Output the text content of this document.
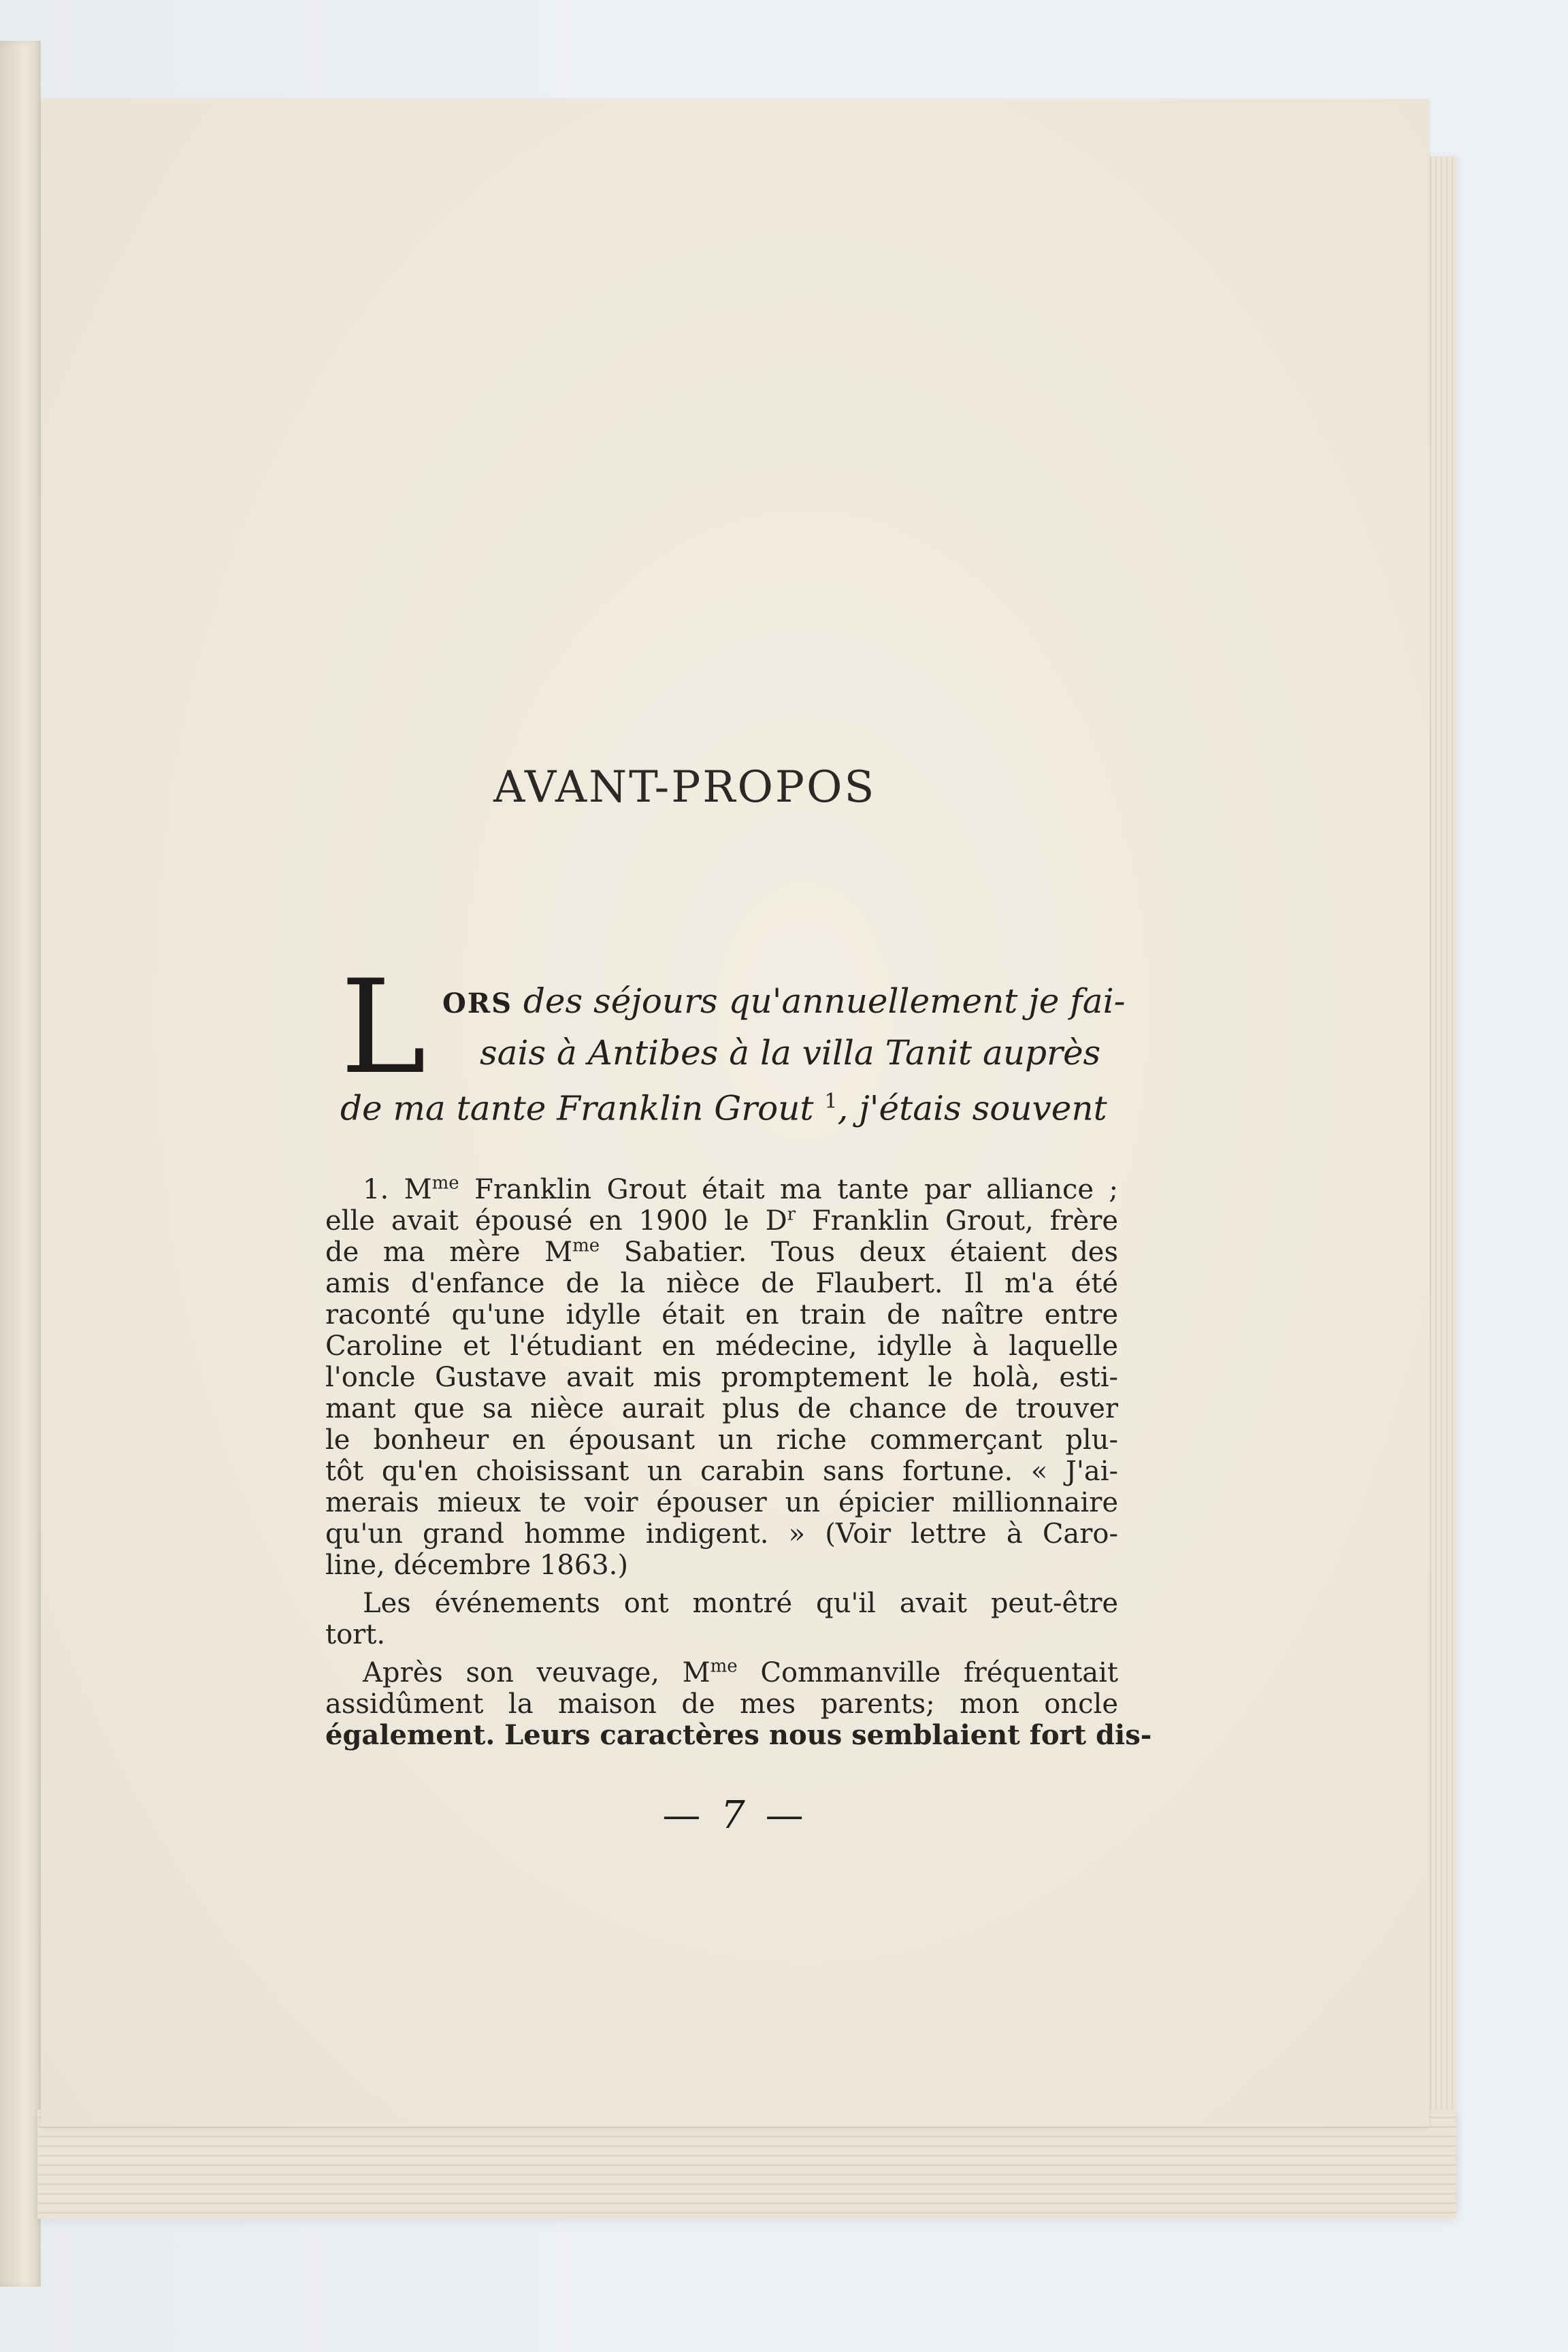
AVANT-PROPOS
L ORS des séjours qu'annuellement je fai-
sais à Antibes à la villa Tanit auprès
de ma tante Franklin Grout $^1$, j'étais souvent
1. $M^{me}$ Franklin Grout était ma tante par alliance ;
elle avait épousé en 1900 le $D^r$ Franklin Grout, frère
de ma mère $M^{me}$ Sabatier. Tous deux étaient des
amis d'enfance de la nièce de Flaubert. Il m'a été
raconté qu'une idylle était en train de naître entre
Caroline et l'étudiant en médecine, idylle à laquelle
l'oncle Gustave avait mis promptement le holà, esti-
mant que sa nièce aurait plus de chance de trouver
le bonheur en épousant un riche commerçant plu-
tôt qu'en choisissant un carabin sans fortune. « J'ai-
merais mieux te voir épouser un épicier millionnaire
qu'un grand homme indigent. » (Voir lettre à Caro-
line, décembre 1863.)
Les événements ont montré qu'il avait peut-être
tort.
Après son veuvage, $M^{me}$ Commanville fréquentait
assidûment la maison de mes parents; mon oncle
également. Leurs caractères nous semblaient fort dis-
— 7 —
